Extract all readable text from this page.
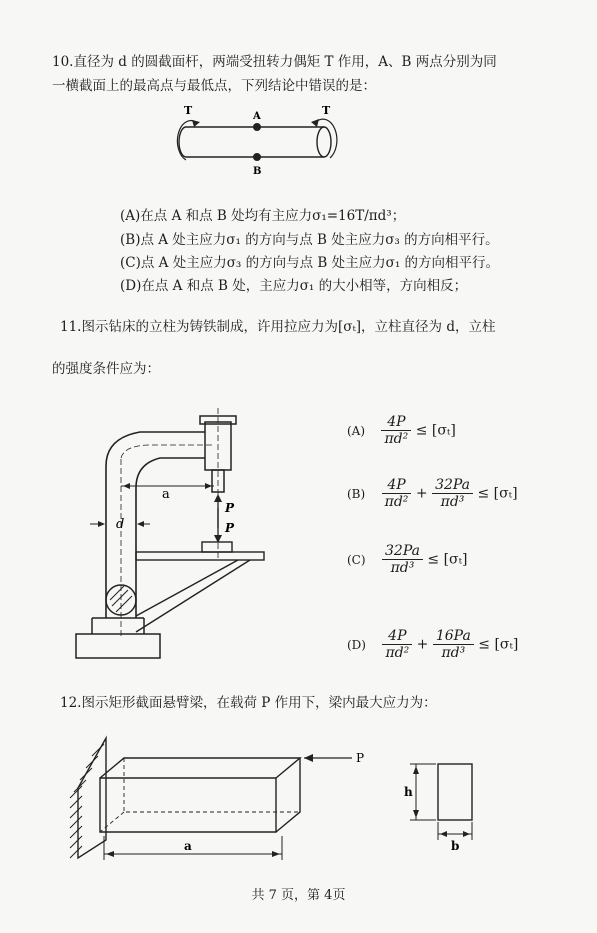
10.直径为 d 的圆截面杆，两端受扭转力偶矩 T 作用，A、B 两点分别为同
一横截面上的最高点与最低点，下列结论中错误的是：
T	T
A
B
(A)在点 A 和点 B 处均有主应力σ₁=16T/πd³；
(B)点 A 处主应力σ₁ 的方向与点 B 处主应力σ₃ 的方向相平行。
(C)点 A 处主应力σ₃ 的方向与点 B 处主应力σ₁ 的方向相平行。
(D)在点 A 和点 B 处，主应力σ₁ 的大小相等，方向相反；
11.图示钻床的立柱为铸铁制成，许用拉应力为[σₜ]，立柱直径为 d，立柱
的强度条件应为：
a
d
P
P
$(A) \frac{4P}{\text{πd²}} \le [\sigma_t]$
$(B) \frac{4P}{\text{πd²}} + \frac{32Pa}{\text{πd³}} \le [\sigma_t]$
$(C) \frac{32Pa}{\text{πd³}} \le [\sigma_t]$
$(D) \frac{4P}{\text{πd²}} + \frac{16Pa}{\text{πd³}} \le [\sigma_t]$
12.图示矩形截面悬臂梁，在载荷 P 作用下，梁内最大应力为：
P
a
h
b
共 7 页，第 4页
